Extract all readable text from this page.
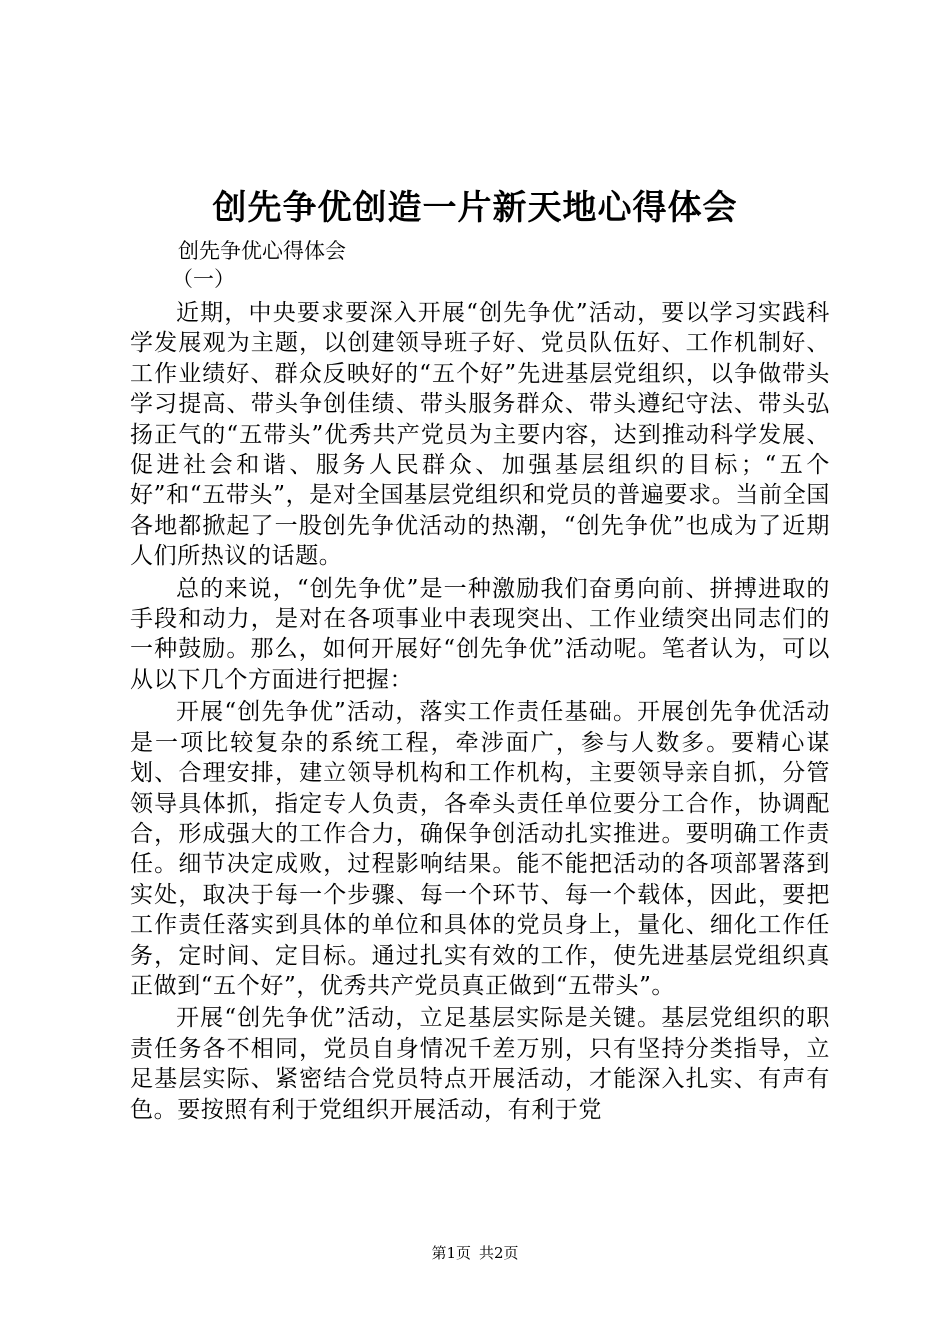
创先争优创造一片新天地心得体会
创先争优心得体会
（一）

近期，中央要求要深入开展“创先争优”活动，要以学习实践科学发展观为主题，以创建领导班子好、党员队伍好、工作机制好、工作业绩好、群众反映好的“五个好”先进基层党组织，以争做带头学习提高、带头争创佳绩、带头服务群众、带头遵纪守法、带头弘扬正气的“五带头”优秀共产党员为主要内容，达到推动科学发展、促进社会和谐、服务人民群众、加强基层组织的目标；“五个好”和“五带头”，是对全国基层党组织和党员的普遍要求。当前全国各地都掀起了一股创先争优活动的热潮，“创先争优”也成为了近期人们所热议的话题。

总的来说，“创先争优”是一种激励我们奋勇向前、拼搏进取的手段和动力，是对在各项事业中表现突出、工作业绩突出同志们的一种鼓励。那么，如何开展好“创先争优”活动呢。笔者认为，可以从以下几个方面进行把握：

开展“创先争优”活动，落实工作责任基础。开展创先争优活动是一项比较复杂的系统工程，牵涉面广，参与人数多。要精心谋划、合理安排，建立领导机构和工作机构，主要领导亲自抓，分管领导具体抓，指定专人负责，各牵头责任单位要分工合作，协调配合，形成强大的工作合力，确保争创活动扎实推进。要明确工作责任。细节决定成败，过程影响结果。能不能把活动的各项部署落到实处，取决于每一个步骤、每一个环节、每一个载体，因此，要把工作责任落实到具体的单位和具体的党员身上，量化、细化工作任务，定时间、定目标。通过扎实有效的工作，使先进基层党组织真正做到“五个好”，优秀共产党员真正做到“五带头”。

开展“创先争优”活动，立足基层实际是关键。基层党组织的职责任务各不相同，党员自身情况千差万别，只有坚持分类指导，立足基层实际、紧密结合党员特点开展活动，才能深入扎实、有声有色。要按照有利于党组织开展活动，有利于党

第1页 共2页
